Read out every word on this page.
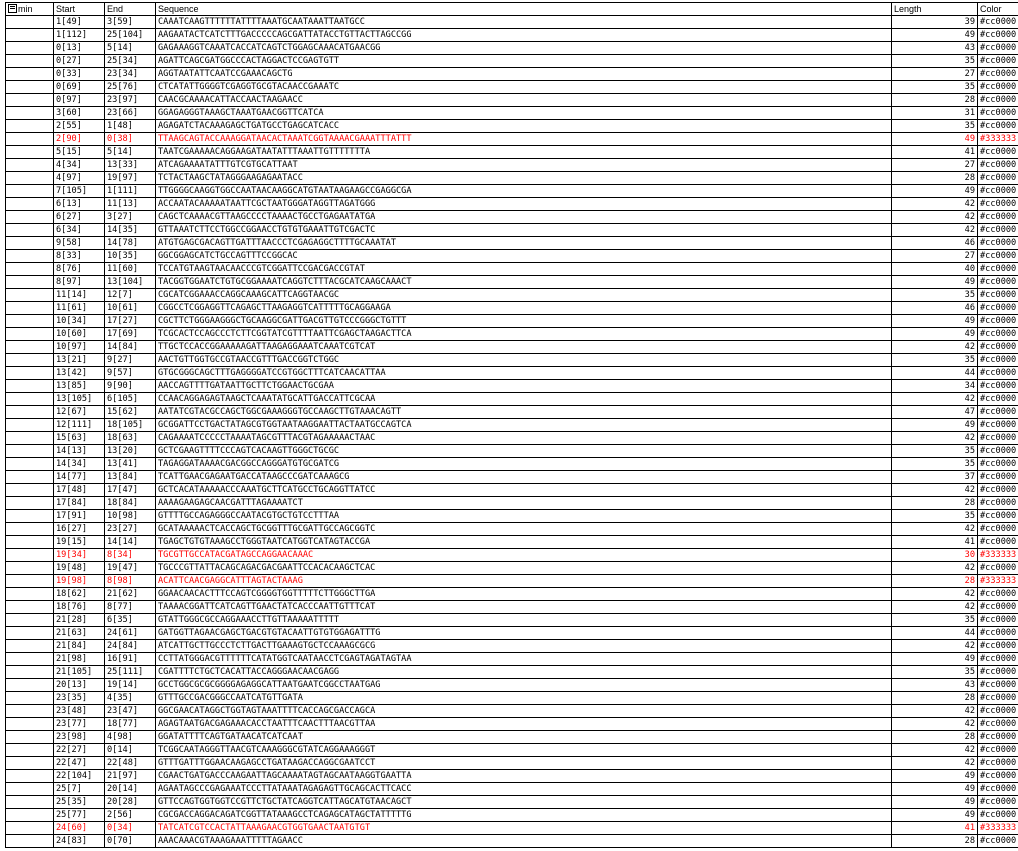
min	Start	End	Sequence	Length	Color
	1[49]	3[59]	CAAATCAAGTTTTTTATTTTAAATGCAATAAATTAATGCC	39	#cc0000
	1[112]	25[104]	AAGAATACTCATCTTTGACCCCCAGCGATTATACCTGTTACTTAGCCGG	49	#cc0000
	0[13]	5[14]	GAGAAAGGTCAAATCACCATCAGTCTGGAGCAAACATGAACGG	43	#cc0000
	0[27]	25[34]	AGATTCAGCGATGGCCCACTAGGACTCCGAGTGTT	35	#cc0000
	0[33]	23[34]	AGGTAATATTCAATCCGAAACAGCTG	27	#cc0000
	0[69]	25[76]	CTCATATTGGGGTCGAGGTGCGTACAACCGAAATC	35	#cc0000
	0[97]	23[97]	CAACGCAAAACATTACCAACTAAGAACC	28	#cc0000
	3[60]	23[66]	GGAGAGGGTAAAGCTAAATGAACGGTTCATCA	31	#cc0000
	2[55]	1[48]	AGAGATCTACAAAGAGCTGATGCCTGAGCATCACC	35	#cc0000
	2[90]	0[38]	TTAAGCAGTACCAAAGGATAACACTAAATCGGTAAAACGAAATTTATTT	49	#333333
	5[15]	5[14]	TAATCGAAAAACAGGAAGATAATATTTAAATTGTTTTTTTA	41	#cc0000
	4[34]	13[33]	ATCAGAAAATATTTGTCGTGCATTAAT	27	#cc0000
	4[97]	19[97]	TCTACTAAGCTATAGGGAAGAGAATACC	28	#cc0000
	7[105]	1[111]	TTGGGGCAAGGTGGCCAATAACAAGGCATGTAATAAGAAGCCGAGGCGA	49	#cc0000
	6[13]	11[13]	ACCAATACAAAAATAATTCGCTAATGGGATAGGTTAGATGGG	42	#cc0000
	6[27]	3[27]	CAGCTCAAAACGTTAAGCCCCTAAAACTGCCTGAGAATATGA	42	#cc0000
	6[34]	14[35]	GTTAAATCTTCCTGGCCGGAACCTGTGTGAAATTGTCGACTC	42	#cc0000
	9[58]	14[78]	ATGTGAGCGACAGTTGATTTAACCCTCGAGAGGCTTTTGCAAATAT	46	#cc0000
	8[33]	10[35]	GGCGGAGCATCTGCCAGTTTCCGGCAC	27	#cc0000
	8[76]	11[60]	TCCATGTAAGTAACAACCCGTCGGATTCCGACGACCGTAT	40	#cc0000
	8[97]	13[104]	TACGGTGGAATCTGTGCGGAAAATCAGGTCTTTACGCATCAAGCAAACT	49	#cc0000
	11[14]	12[7]	CGCATCGGAAACCAGGCAAAGCATTCAGGTAACGC	35	#cc0000
	11[61]	10[61]	CGGCCTCGGAGGTTCAGAGCTTAAGAGGTCATTTTTGCAGGAAGA	46	#cc0000
	10[34]	17[27]	CGCTTCTGGGAAGGGCTGCAAGGCGATTGACGTTGTCCCGGGCTGTTT	49	#cc0000
	10[60]	17[69]	TCGCACTCCAGCCCTCTTCGGTATCGTTTTAATTCGAGCTAAGACTTCA	49	#cc0000
	10[97]	14[84]	TTGCTCCACCGGAAAAAGATTAAGAGGAAATCAAATCGTCAT	42	#cc0000
	13[21]	9[27]	AACTGTTGGTGCCGTAACCGTTTGACCGGTCTGGC	35	#cc0000
	13[42]	9[57]	GTGCGGGCAGCTTTGAGGGGATCCGTGGCTTTCATCAACATTAA	44	#cc0000
	13[85]	9[90]	AACCAGTTTTGATAATTGCTTCTGGAACTGCGAA	34	#cc0000
	13[105]	6[105]	CCAACAGGAGAGTAAGCTCAAATATGCATTGACCATTCGCAA	42	#cc0000
	12[67]	15[62]	AATATCGTACGCCAGCTGGCGAAAGGGTGCCAAGCTTGTAAACAGTT	47	#cc0000
	12[111]	18[105]	GCGGATTCCTGACTATAGCGTGGTAATAAGGAATTACTAATGCCAGTCA	49	#cc0000
	15[63]	18[63]	CAGAAAATCCCCCTAAAATAGCGTTTACGTAGAAAAACTAAC	42	#cc0000
	14[13]	13[20]	GCTCGAAGTTTTCCCAGTCACAAGTTGGGCTGCGC	35	#cc0000
	14[34]	13[41]	TAGAGGATAAAACGACGGCCAGGGATGTGCGATCG	35	#cc0000
	14[77]	13[84]	TCATTGAACGAGAATGACCATAAGCCCGATCAAAGCG	37	#cc0000
	17[48]	17[47]	GCTCACATAAAAACCCAAATGCTTCATGCCTGCAGGTTATCC	42	#cc0000
	17[84]	18[84]	AAAAGAAGAGCAACGATTTAGAAAATCT	28	#cc0000
	17[91]	10[98]	GTTTTGCCAGAGGGCCAATACGTGCTGTCCTTTAA	35	#cc0000
	16[27]	23[27]	GCATAAAAACTCACCAGCTGCGGTTTGCGATTGCCAGCGGTC	42	#cc0000
	19[15]	14[14]	TGAGCTGTGTAAAGCCTGGGTAATCATGGTCATAGTACCGA	41	#cc0000
	19[34]	8[34]	TGCGTTGCCATACGATAGCCAGGAACAAAC	30	#333333
	19[48]	19[47]	TGCCCGTTATTACAGCAGACGACGAATTCCACACAAGCTCAC	42	#cc0000
	19[98]	8[98]	ACATTCAACGAGGCATTTAGTACTAAAG	28	#333333
	18[62]	21[62]	GGAACAACACTTTCCAGTCGGGGTGGTTTTTCTTGGGCTTGA	42	#cc0000
	18[76]	8[77]	TAAAACGGATTCATCAGTTGAACTATCACCCAATTGTTTCAT	42	#cc0000
	21[28]	6[35]	GTATTGGGCGCCAGGAAACCTTGTTAAAAATTTTT	35	#cc0000
	21[63]	24[61]	GATGGTTAGAACGAGCTGACGTGTACAATTGTGTGGAGATTTG	44	#cc0000
	21[84]	24[84]	ATCATTGCTTGCCCTCTTGACTTGAAAGTGCTCCAAAGCGCG	42	#cc0000
	21[98]	16[91]	CCTTATGGGACGTTTTTTCATATGGTCAATAACCTCGAGTAGATAGTAA	49	#cc0000
	21[105]	25[111]	CGATTTTCTGCTCACATTACCAGGGAACAACGAGG	35	#cc0000
	20[13]	19[14]	GCCTGGCGCGCGGGGAGAGGCATTAATGAATCGGCCTAATGAG	43	#cc0000
	23[35]	4[35]	GTTTGCCGACGGGCCAATCATGTTGATA	28	#cc0000
	23[48]	23[47]	GGCGAACATAGGCTGGTAGTAAATTTTCACCAGCGACCAGCA	42	#cc0000
	23[77]	18[77]	AGAGTAATGACGAGAAACACCTAATTTCAACTTTAACGTTAA	42	#cc0000
	23[98]	4[98]	GGATATTTTCAGTGATAACATCATCAAT	28	#cc0000
	22[27]	0[14]	TCGGCAATAGGGTTAACGTCAAAGGGCGTATCAGGAAAGGGT	42	#cc0000
	22[47]	22[48]	GTTTGATTTGGAACAAGAGCCTGATAAGACCAGGCGAATCCT	42	#cc0000
	22[104]	21[97]	CGAACTGATGACCCAAGAATTAGCAAAATAGTAGCAATAAGGTGAATTA	49	#cc0000
	25[7]	20[14]	AGAATAGCCCGAGAAATCCCTTATAAATAGAGAGTTGCAGCACTTCACC	49	#cc0000
	25[35]	20[28]	GTTCCAGTGGTGGTCCGTTCTGCTATCAGGTCATTAGCATGTAACAGCT	49	#cc0000
	25[77]	2[56]	CGCGACCAGGACAGATCGGTTATAAAGCCTCAGAGCATAGCTATTTTTG	49	#cc0000
	24[60]	0[34]	TATCATCGTCCACTATTAAAGAACGTGGTGAACTAATGTGT	41	#333333
	24[83]	0[70]	AAACAAACGTAAAGAAATTTTTAGAACC	28	#cc0000
